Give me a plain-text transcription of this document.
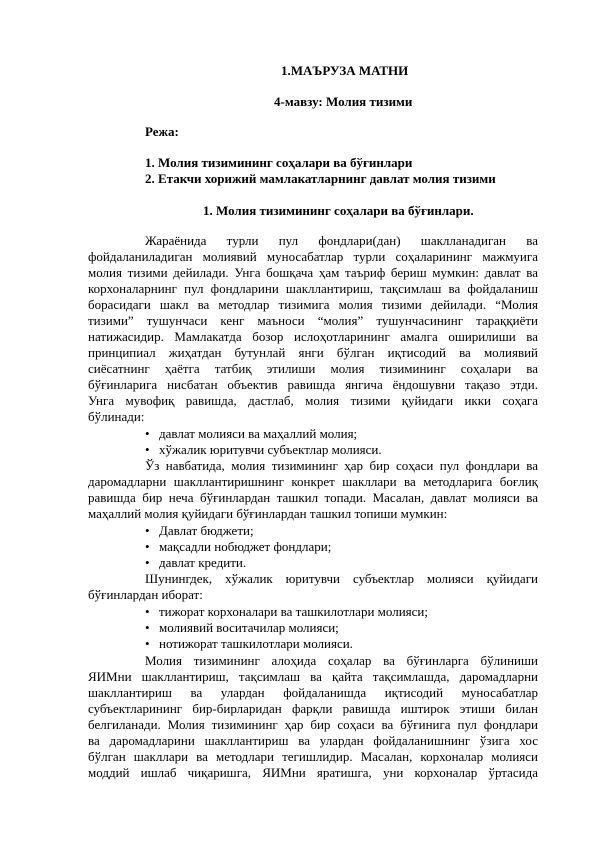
1.МАЪРУЗА МАТНИ
4-мавзу: Молия тизими
Режа:
1. Молия тизимининг соҳалари ва бўғинлари
2. Етакчи хорижий мамлакатларнинг давлат молия тизими
1. Молия тизимининг соҳалари ва бўғинлари.
Жараёнида турли пул фондлари(дан) шаклланадиган ва
фойдаланиладиган молиявий муносабатлар турли соҳаларининг мажмуига
молия тизими дейилади. Унга бошқача ҳам таъриф бериш мумкин: давлат ва
корхоналарнинг пул фондларини шакллантириш, тақсимлаш ва фойдаланиш
борасидаги шакл ва методлар тизимига молия тизими дейилади. “Молия
тизими” тушунчаси кенг маъноси “молия” тушунчасининг тараққиёти
натижасидир. Мамлакатда бозор ислоҳотларининг амалга оширилиши ва
принципиал жиҳатдан бутунлай янги бўлган иқтисодий ва молиявий
сиёсатнинг ҳаётга татбиқ этилиши молия тизимининг соҳалари ва
бўғинларига нисбатан объектив равишда янгича ёндошувни тақазо этди.
Унга мувофиқ равишда, дастлаб, молия тизими қуйидаги икки соҳага
бўлинади:
• давлат молияси ва маҳаллий молия;
• хўжалик юритувчи субъектлар молияси.
Ўз навбатида, молия тизимининг ҳар бир соҳаси пул фондлари ва
даромадларни шакллантиришнинг конкрет шакллари ва методларига боғлиқ
равишда бир неча бўғинлардан ташкил топади. Масалан, давлат молияси ва
маҳаллий молия қуйидаги бўғинлардан ташкил топиши мумкин:
• Давлат бюджети;
• мақсадли нобюджет фондлари;
• давлат кредити.
Шунингдек, хўжалик юритувчи субъектлар молияси қуйидаги
бўғинлардан иборат:
• тижорат корхоналари ва ташкилотлари молияси;
• молиявий воситачилар молияси;
• нотижорат ташкилотлари молияси.
Молия тизимининг алоҳида соҳалар ва бўғинларга бўлиниши
ЯИМни шакллантириш, тақсимлаш ва қайта тақсимлашда, даромадларни
шакллантириш ва улардан фойдаланишда иқтисодий муносабатлар
субъектларининг бир-бирларидан фарқли равишда иштирок этиши билан
белгиланади. Молия тизимининг ҳар бир соҳаси ва бўғинига пул фондлари
ва даромадларини шакллантириш ва улардан фойдаланишнинг ўзига хос
бўлган шакллари ва методлари тегишлидир. Масалан, корхоналар молияси
моддий ишлаб чиқаришга, ЯИМни яратишга, уни корхоналар ўртасида
